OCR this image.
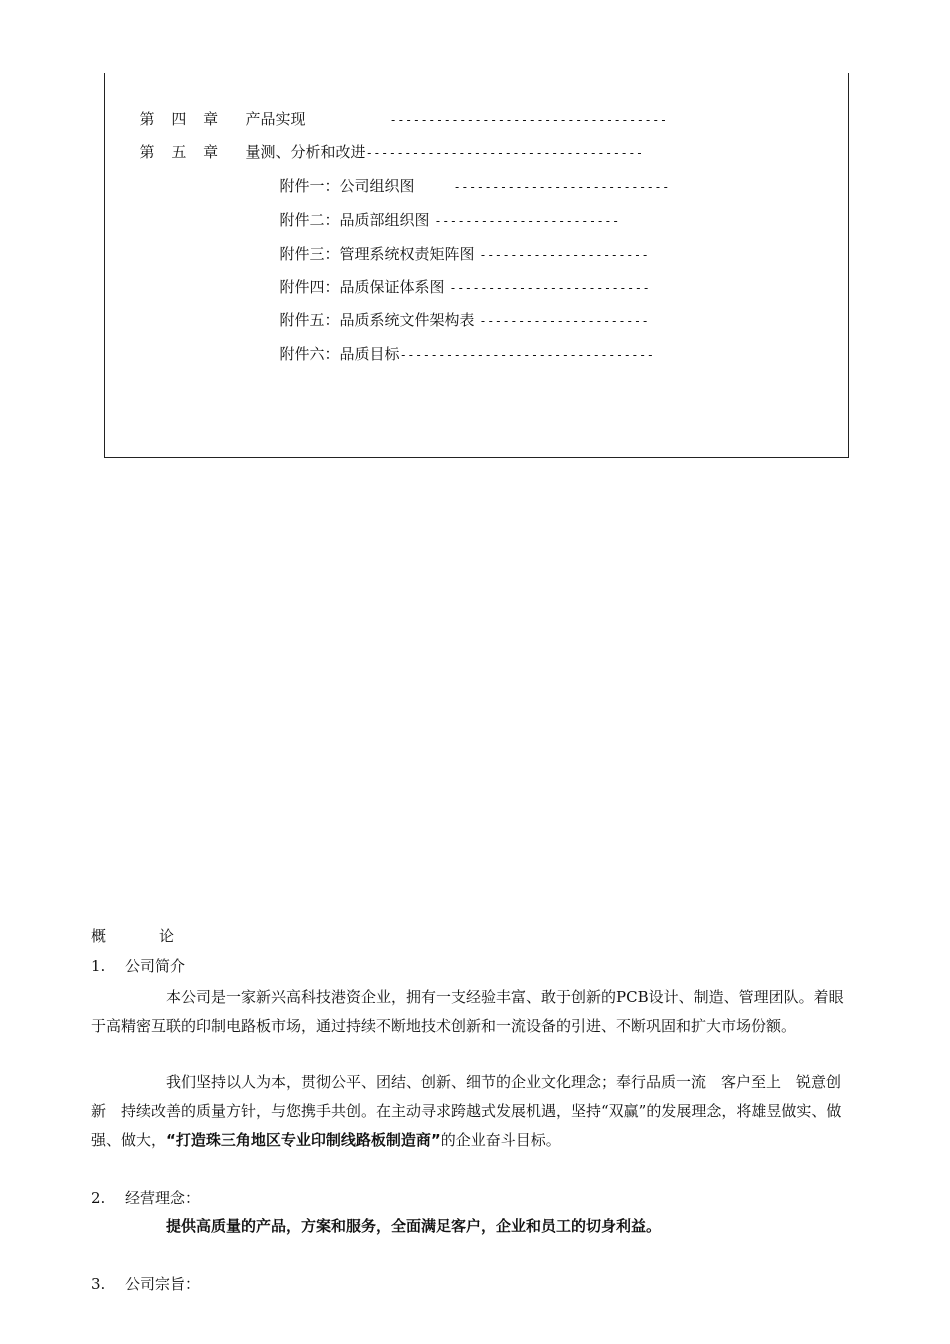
第 四 章 产品实现	------------------------------------

第 五 章 量测、分析和改进------------------------------------

附件一：公司组织图	----------------------------

附件二：品质部组织图 ------------------------

附件三：管理系统权责矩阵图 ----------------------

附件四：品质保证体系图 --------------------------

附件五：品质系统文件架构表 ----------------------

附件六：品质目标---------------------------------

概	论
1. 公司简介
本公司是一家新兴高科技港资企业，拥有一支经验丰富、敢于创新的PCB设计、制造、管理团队。着眼于高精密互联的印制电路板市场，通过持续不断地技术创新和一流设备的引进、不断巩固和扩大市场份额。
我们坚持以人为本，贯彻公平、团结、创新、细节的企业文化理念；奉行品质一流　客户至上　锐意创新　持续改善的质量方针，与您携手共创。在主动寻求跨越式发展机遇，坚持“双赢”的发展理念，将雄昱做实、做强、做大，“打造珠三角地区专业印制线路板制造商”的企业奋斗目标。
2. 经营理念：
提供高质量的产品，方案和服务，全面满足客户，企业和员工的切身利益。
3. 公司宗旨：
